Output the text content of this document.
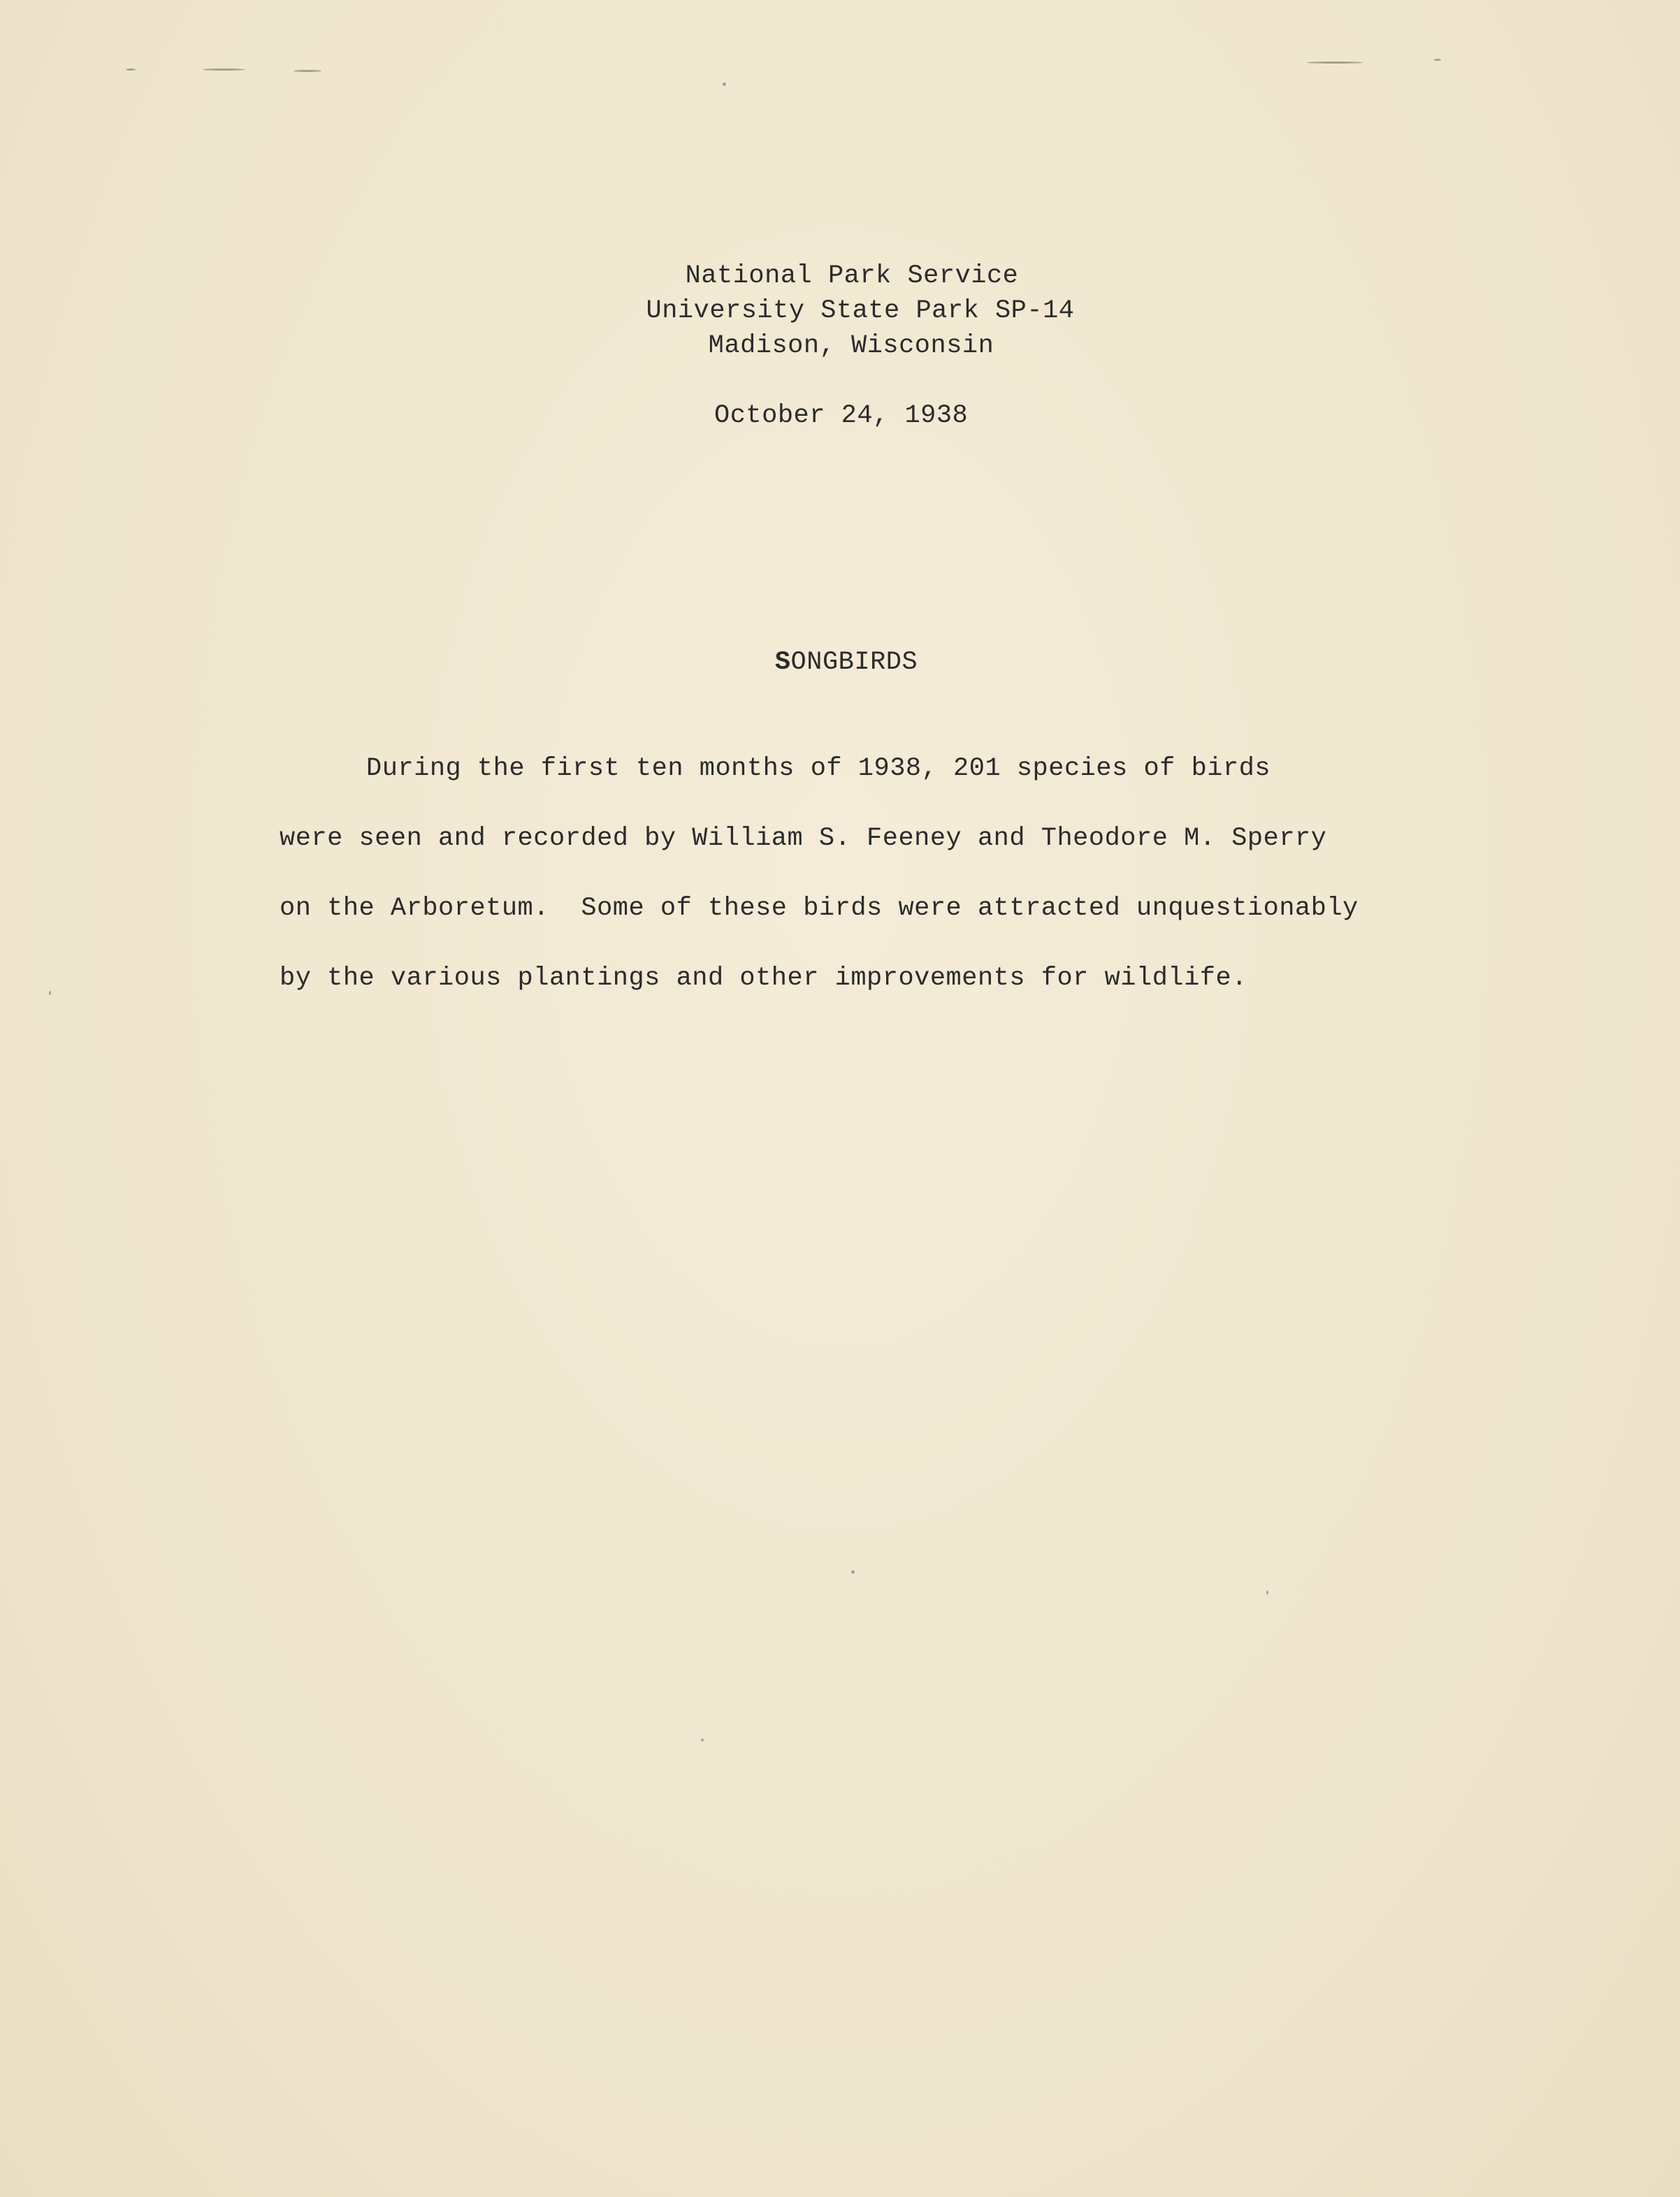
National Park Service
University State Park SP-14
Madison, Wisconsin
October 24, 1938

SONGBIRDS

During the first ten months of 1938, 201 species of birds
were seen and recorded by William S. Feeney and Theodore M. Sperry
on the Arboretum.  Some of these birds were attracted unquestionably
by the various plantings and other improvements for wildlife.
